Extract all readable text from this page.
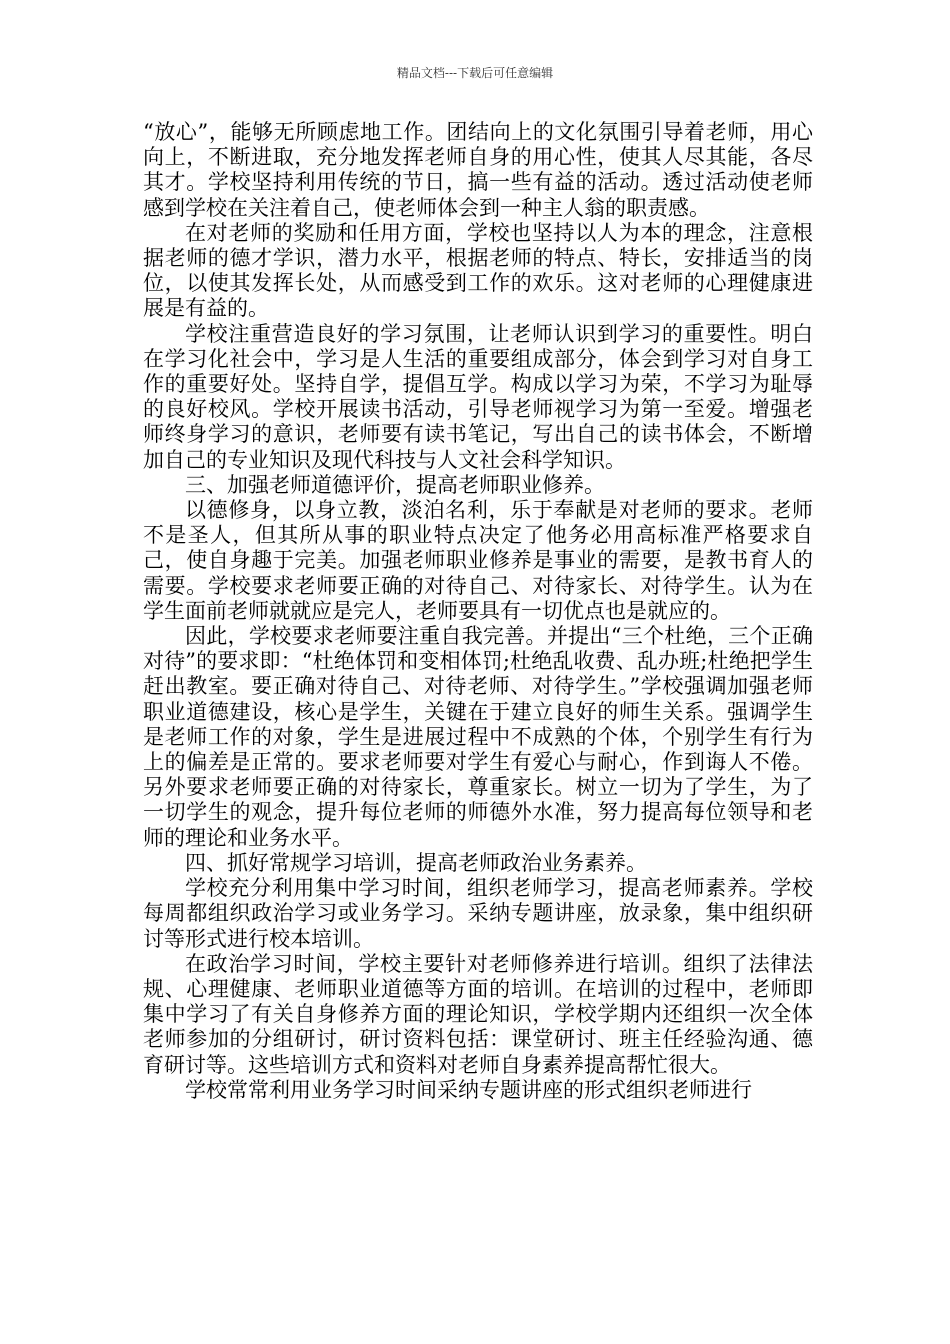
精品文档---下载后可任意编辑

“放心”，能够无所顾虑地工作。团结向上的文化氛围引导着老师，用心向上，不断进取，充分地发挥老师自身的用心性，使其人尽其能，各尽其才。学校坚持利用传统的节日，搞一些有益的活动。透过活动使老师感到学校在关注着自己，使老师体会到一种主人翁的职责感。

在对老师的奖励和任用方面，学校也坚持以人为本的理念，注意根据老师的德才学识，潜力水平，根据老师的特点、特长，安排适当的岗位，以使其发挥长处，从而感受到工作的欢乐。这对老师的心理健康进展是有益的。

学校注重营造良好的学习氛围，让老师认识到学习的重要性。明白在学习化社会中，学习是人生活的重要组成部分，体会到学习对自身工作的重要好处。坚持自学，提倡互学。构成以学习为荣，不学习为耻辱的良好校风。学校开展读书活动，引导老师视学习为第一至爱。增强老师终身学习的意识，老师要有读书笔记，写出自己的读书体会，不断增加自己的专业知识及现代科技与人文社会科学知识。

三、加强老师道德评价，提高老师职业修养。

以德修身，以身立教，淡泊名利，乐于奉献是对老师的要求。老师不是圣人，但其所从事的职业特点决定了他务必用高标准严格要求自己，使自身趣于完美。加强老师职业修养是事业的需要，是教书育人的需要。学校要求老师要正确的对待自己、对待家长、对待学生。认为在学生面前老师就就应是完人，老师要具有一切优点也是就应的。

因此，学校要求老师要注重自我完善。并提出“三个杜绝，三个正确对待”的要求即：“杜绝体罚和变相体罚;杜绝乱收费、乱办班;杜绝把学生赶出教室。要正确对待自己、对待老师、对待学生。”学校强调加强老师职业道德建设，核心是学生，关键在于建立良好的师生关系。强调学生是老师工作的对象，学生是进展过程中不成熟的个体，个别学生有行为上的偏差是正常的。要求老师要对学生有爱心与耐心，作到诲人不倦。另外要求老师要正确的对待家长，尊重家长。树立一切为了学生，为了一切学生的观念，提升每位老师的师德外水准，努力提高每位领导和老师的理论和业务水平。

四、抓好常规学习培训，提高老师政治业务素养。

学校充分利用集中学习时间，组织老师学习，提高老师素养。学校每周都组织政治学习或业务学习。采纳专题讲座，放录象，集中组织研讨等形式进行校本培训。

在政治学习时间，学校主要针对老师修养进行培训。组织了法律法规、心理健康、老师职业道德等方面的培训。在培训的过程中，老师即集中学习了有关自身修养方面的理论知识，学校学期内还组织一次全体老师参加的分组研讨，研讨资料包括：课堂研讨、班主任经验沟通、德育研讨等。这些培训方式和资料对老师自身素养提高帮忙很大。

学校常常利用业务学习时间采纳专题讲座的形式组织老师进行
